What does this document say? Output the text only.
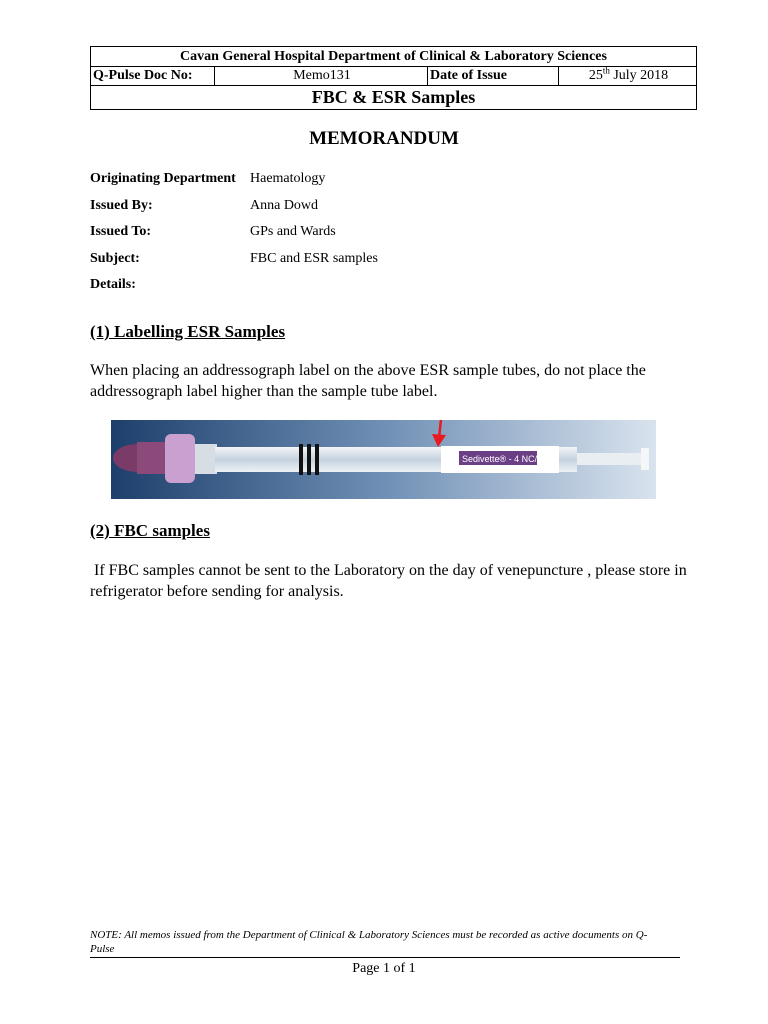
Cavan General Hospital Department of Clinical & Laboratory Sciences
Q-Pulse Doc No:	Memo131	Date of Issue	25th July 2018
FBC & ESR Samples
MEMORANDUM
Originating Department	Haematology
Issued By:	Anna Dowd
Issued To:	GPs and Wards
Subject:	FBC and ESR samples
Details:
(1) Labelling ESR Samples
When placing an addressograph label on the above ESR sample tubes, do not place the addressograph label higher than the sample tube label.
Sedivette® - 4 NC/3.5
(2) FBC samples
If FBC samples cannot be sent to the Laboratory on the day of venepuncture , please store in refrigerator before sending for analysis.
NOTE: All memos issued from the Department of Clinical & Laboratory Sciences must be recorded as active documents on Q-Pulse
Page 1 of 1
